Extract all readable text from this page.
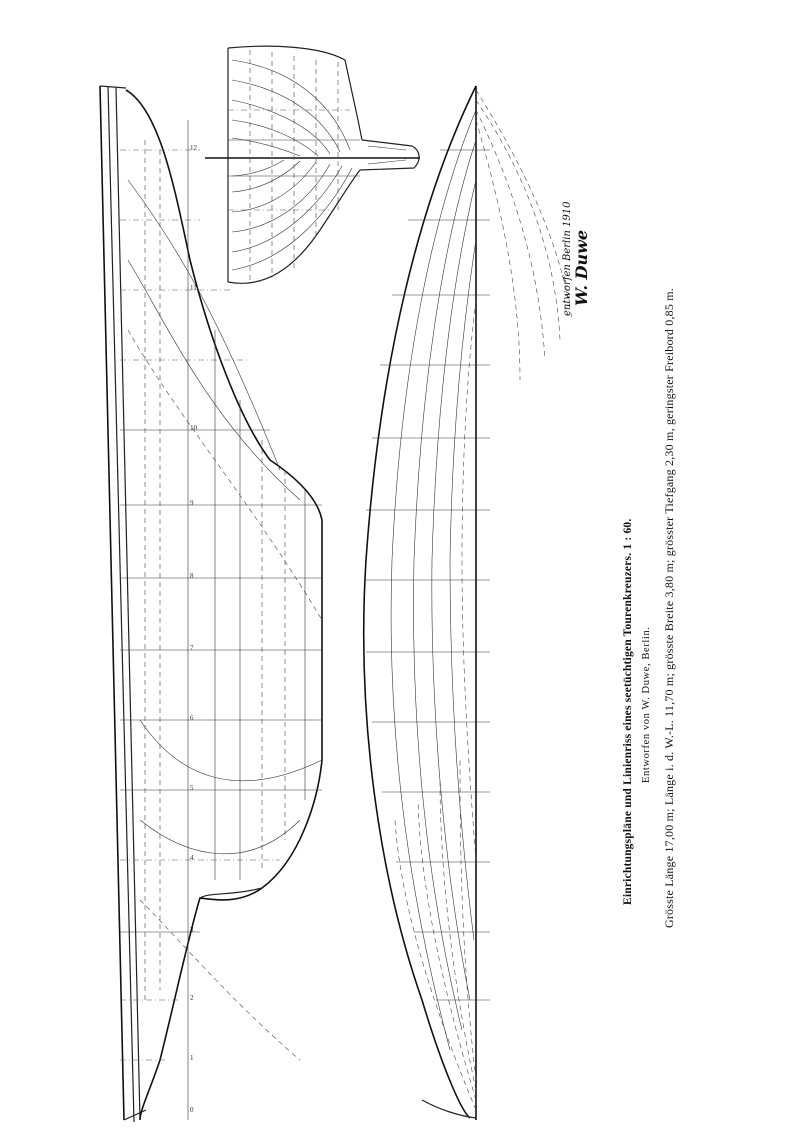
0
1
2
3
4
5
6
7
8
9
10
11
12
entworfen Berlin 1910 W. Duwe
Einrichtungspläne und Linienriss eines seetüchtigen Tourenkreuzers. 1 : 60. Entworfen von W. Duwe, Berlin. Grösste Länge 17,00 m; Länge i. d. W.-L. 11,70 m; grösste Breite 3,80 m; grösster Tiefgang 2,30 m, geringster Freibord 0,85 m.
